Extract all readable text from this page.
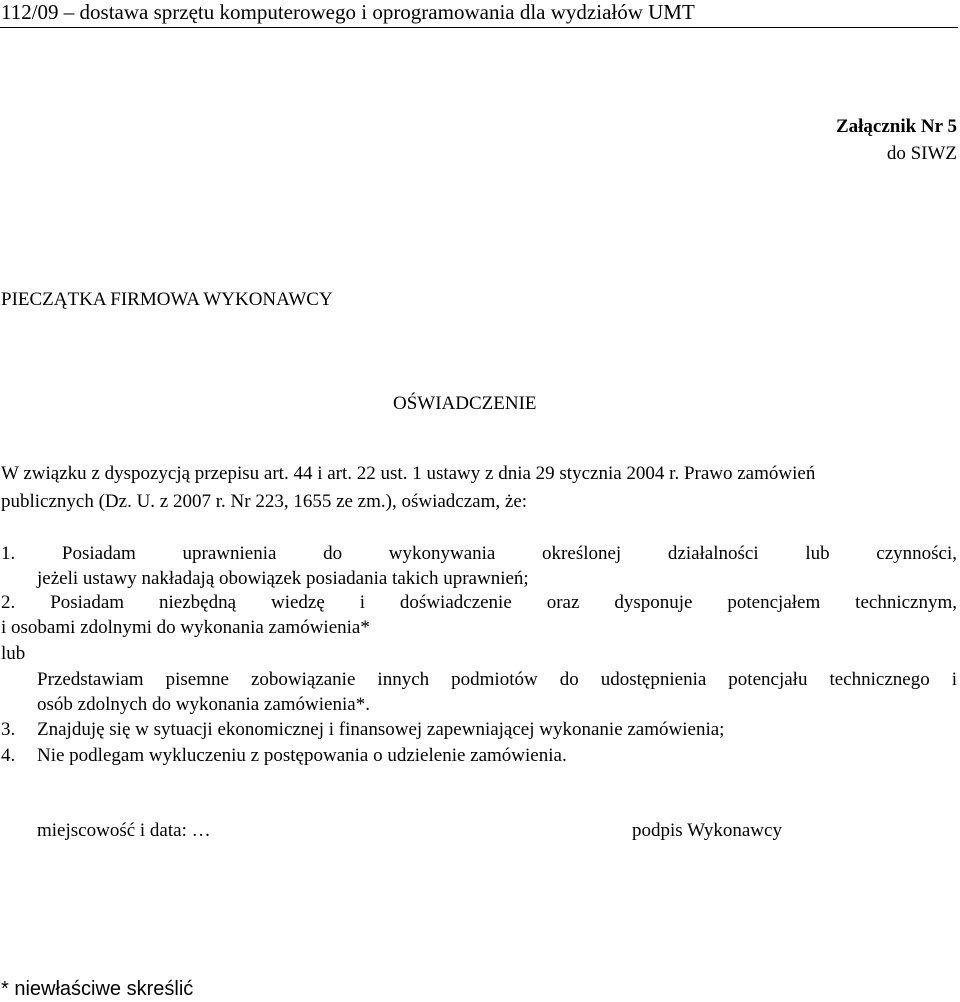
112/09 – dostawa sprzętu komputerowego i oprogramowania dla wydziałów UMT
Załącznik Nr 5
do SIWZ
PIECZĄTKA FIRMOWA WYKONAWCY
OŚWIADCZENIE
W związku z dyspozycją przepisu art. 44 i art. 22 ust. 1 ustawy z dnia 29 stycznia 2004 r. Prawo zamówień
publicznych (Dz. U. z 2007 r. Nr 223, 1655 ze zm.), oświadczam, że:
1. Posiadam uprawnienia do wykonywania określonej działalności lub czynności,
jeżeli ustawy nakładają obowiązek posiadania takich uprawnień;
2. Posiadam niezbędną wiedzę i doświadczenie oraz dysponuje potencjałem technicznym,
i osobami zdolnymi do wykonania zamówienia*
lub
Przedstawiam pisemne zobowiązanie innych podmiotów do udostępnienia potencjału technicznego i
osób zdolnych do wykonania zamówienia*.
3. Znajduję się w sytuacji ekonomicznej i finansowej zapewniającej wykonanie zamówienia;
4. Nie podlegam wykluczeniu z postępowania o udzielenie zamówienia.
miejscowość i data: …	podpis Wykonawcy
* niewłaściwe skreślić
